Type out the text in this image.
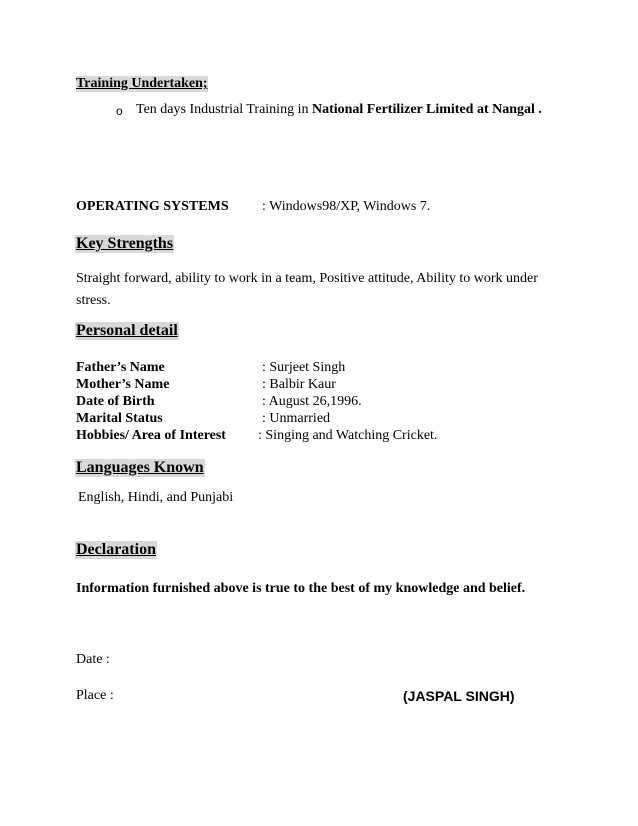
Training Undertaken;
o Ten days Industrial Training in National Fertilizer Limited at Nangal .
OPERATING SYSTEMS : Windows98/XP, Windows 7.
Key Strengths
Straight forward, ability to work in a team, Positive attitude, Ability to work under stress.
Personal detail
Father’s Name	: Surjeet Singh
Mother’s Name	: Balbir Kaur
Date of Birth	: August 26,1996.
Marital Status	: Unmarried
Hobbies/ Area of Interest : Singing and Watching Cricket.
Languages Known
English, Hindi, and Punjabi
Declaration
Information furnished above is true to the best of my knowledge and belief.
Date :
Place :	(JASPAL SINGH)
